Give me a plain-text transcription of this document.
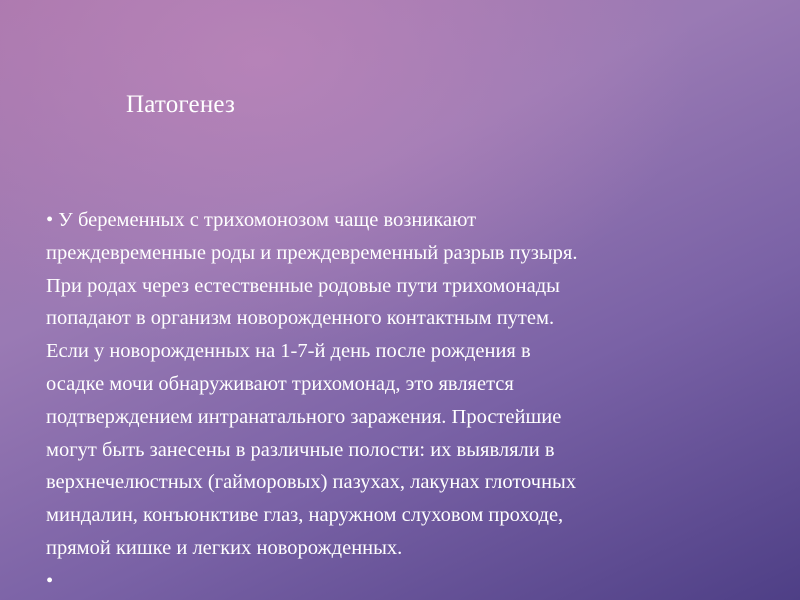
Патогенез

• У беременных с трихомонозом чаще возникают
преждевременные роды и преждевременный разрыв пузыря.
При родах через естественные родовые пути трихомонады
попадают в организм новорожденного контактным путем.
Если у новорожденных на 1-7-й день после рождения в
осадке мочи обнаруживают трихомонад, это является
подтверждением интранатального заражения. Простейшие
могут быть занесены в различные полости: их выявляли в
верхнечелюстных (гайморовых) пазухах, лакунах глоточных
миндалин, конъюнктиве глаз, наружном слуховом проходе,
прямой кишке и легких новорожденных.

•
